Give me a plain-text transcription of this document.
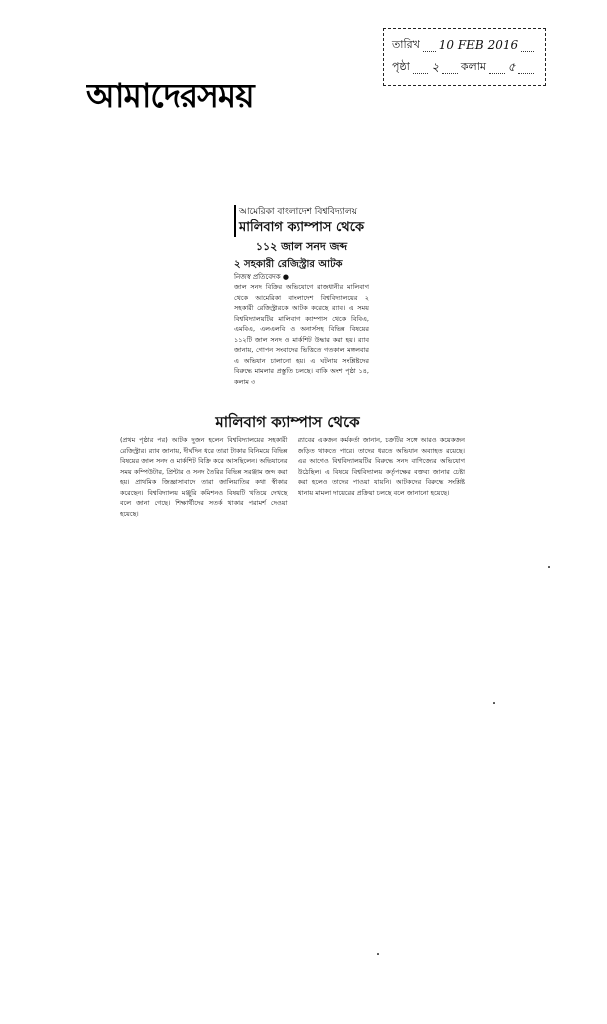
তারিখ 10 FEB 2016
পৃষ্ঠা ২ কলাম ৫
আমাদেরসময়
আমেরিকা বাংলাদেশ বিশ্ববিদ্যালয়
মালিবাগ ক্যাম্পাস থেকে
১১২ জাল সনদ জব্দ
২ সহকারী রেজিস্ট্রার আটক
নিজস্ব প্রতিবেদক ●
জাল সনদ বিক্রির অভিযোগে রাজধানীর মালিবাগ থেকে আমেরিকা বাংলাদেশ বিশ্ববিদ্যালয়ের ২ সহকারী রেজিস্ট্রারকে আটক করেছে র‌্যাব। এ সময় বিশ্ববিদ্যালয়টির মালিবাগ ক্যাম্পাস থেকে বিবিএ, এমবিএ, এলএলবি ও অনার্সসহ বিভিন্ন বিষয়ের ১১২টি জাল সনদ ও মার্কশিট উদ্ধার করা হয়। র‌্যাব জানায়, গোপন সংবাদের ভিত্তিতে গতকাল মঙ্গলবার এ অভিযান চালানো হয়। এ ঘটনায় সংশ্লিষ্টদের বিরুদ্ধে মামলার প্রস্তুতি চলছে। বাকি অংশ পৃষ্ঠা ১৪, কলাম ৩
মালিবাগ ক্যাম্পাস থেকে
(প্রথম পৃষ্ঠার পর) আটক দুজন হলেন বিশ্ববিদ্যালয়ের সহকারী রেজিস্ট্রার। র‌্যাব জানায়, দীর্ঘদিন ধরে তারা টাকার বিনিময়ে বিভিন্ন বিষয়ের জাল সনদ ও মার্কশিট বিক্রি করে আসছিলেন। অভিযানের সময় কম্পিউটার, প্রিন্টার ও সনদ তৈরির বিভিন্ন সরঞ্জাম জব্দ করা হয়। প্রাথমিক জিজ্ঞাসাবাদে তারা জালিয়াতির কথা স্বীকার করেছেন। বিশ্ববিদ্যালয় মঞ্জুরি কমিশনও বিষয়টি খতিয়ে দেখছে বলে জানা গেছে। শিক্ষার্থীদের সতর্ক থাকার পরামর্শ দেওয়া হয়েছে।
র‌্যাবের একজন কর্মকর্তা জানান, চক্রটির সঙ্গে আরও কয়েকজন জড়িত থাকতে পারে। তাদের ধরতে অভিযান অব্যাহত রয়েছে। এর আগেও বিশ্ববিদ্যালয়টির বিরুদ্ধে সনদ বাণিজ্যের অভিযোগ উঠেছিল। এ বিষয়ে বিশ্ববিদ্যালয় কর্তৃপক্ষের বক্তব্য জানার চেষ্টা করা হলেও তাদের পাওয়া যায়নি। আটকদের বিরুদ্ধে সংশ্লিষ্ট থানায় মামলা দায়েরের প্রক্রিয়া চলছে বলে জানানো হয়েছে।
